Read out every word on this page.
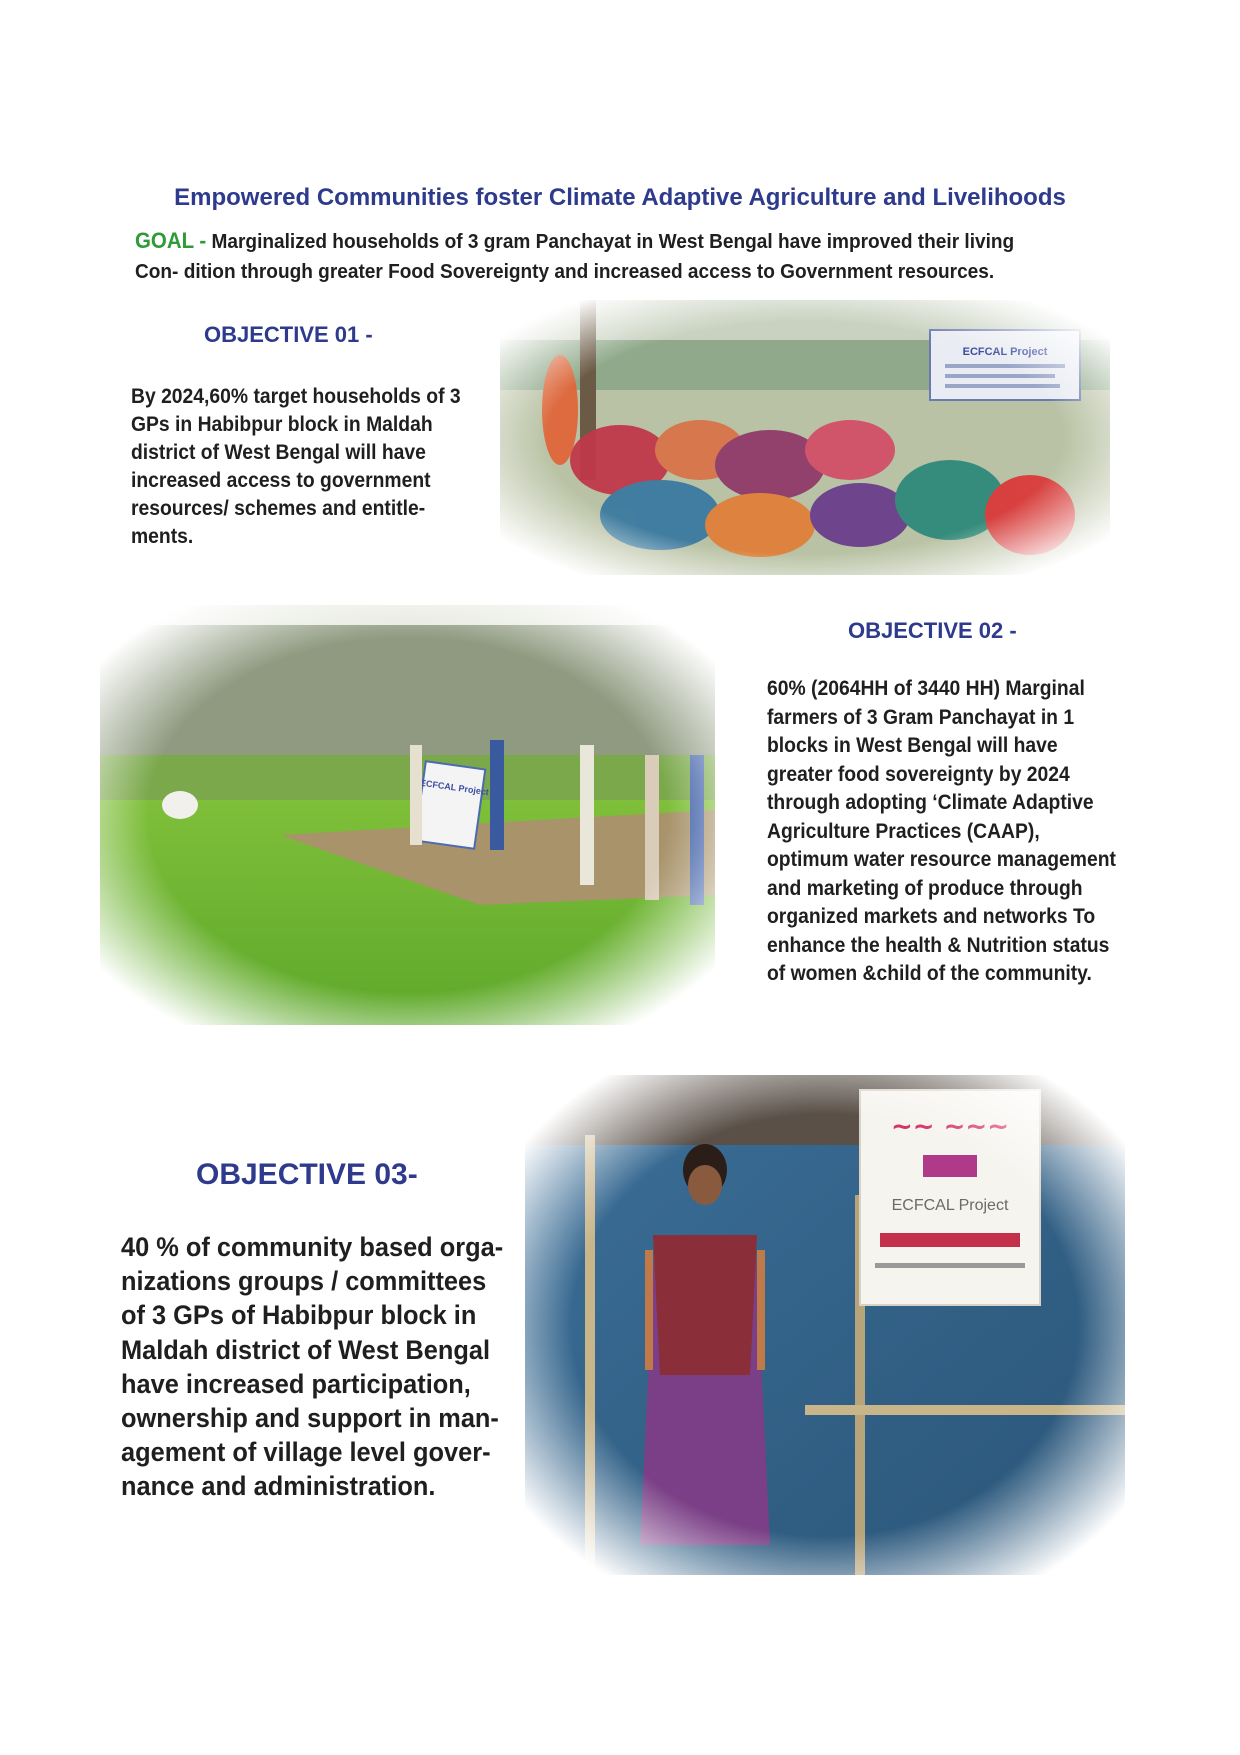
Empowered Communities foster Climate Adaptive Agriculture and Livelihoods
GOAL - Marginalized households of 3 gram Panchayat in West Bengal have improved their living Con- dition through greater Food Sovereignty and increased access to Government resources.
OBJECTIVE 01 -
By 2024,60% target households of 3 GPs in Habibpur block in Maldah district of West Bengal will have increased access to government resources/ schemes and entitle- ments.
OBJECTIVE 02 -
60% (2064HH of 3440 HH) Marginal farmers of 3 Gram Panchayat in 1 blocks in West Bengal will have greater food sovereignty by 2024 through adopting ‘Climate Adaptive Agriculture Practices (CAAP), optimum water resource management and marketing of produce through organized markets and networks To enhance the health & Nutrition status of women &child of the community.
OBJECTIVE 03-
40 % of community based orga- nizations groups / committees of 3 GPs of Habibpur block in Maldah district of West Bengal have increased participation, ownership and support in man- agement of village level gover- nance and administration.
